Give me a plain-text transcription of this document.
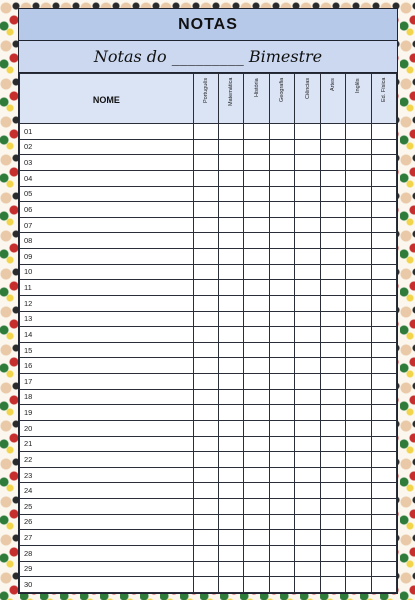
NOTAS
Notas do _________ Bimestre
NOME	Português	Matemática	História	Geografia	Ciências	Artes	Inglês	Ed. Física

01								
02								
03								
04								
05								
06								
07								
08								
09								
10								
11								
12								
13								
14								
15								
16								
17								
18								
19								
20								
21								
22								
23								
24								
25								
26								
27								
28								
29								
30								
